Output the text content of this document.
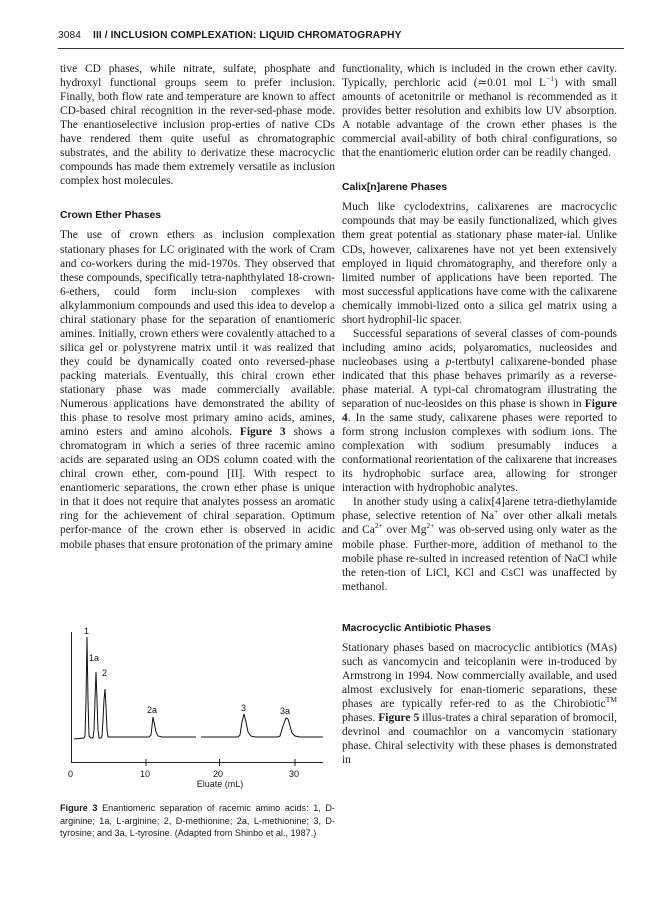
3084 III / INCLUSION COMPLEXATION: LIQUID CHROMATOGRAPHY

tive CD phases, while nitrate, sulfate, phosphate and hydroxyl functional groups seem to prefer inclusion. Finally, both flow rate and temperature are known to affect CD-based chiral recognition in the rever-sed-phase mode. The enantioselective inclusion prop-erties of native CDs have rendered them quite useful as chromatographic substrates, and the ability to derivatize these macrocyclic compounds has made them extremely versatile as inclusion complex host molecules.

Crown Ether Phases

The use of crown ethers as inclusion complexation stationary phases for LC originated with the work of Cram and co-workers during the mid-1970s. They observed that these compounds, specifically tetra-naphthylated 18-crown-6-ethers, could form inclu-sion complexes with alkylammonium compounds and used this idea to develop a chiral stationary phase for the separation of enantiomeric amines. Initially, crown ethers were covalently attached to a silica gel or polystyrene matrix until it was realized that they could be dynamically coated onto reversed-phase packing materials. Eventually, this chiral crown ether stationary phase was made commercially available. Numerous applications have demonstrated the ability of this phase to resolve most primary amino acids, amines, amino esters and amino alcohols. Figure 3 shows a chromatogram in which a series of three racemic amino acids are separated using an ODS column coated with the chiral crown ether, com-pound [II]. With respect to enantiomeric separations, the crown ether phase is unique in that it does not require that analytes possess an aromatic ring for the achievement of chiral separation. Optimum perfor-mance of the crown ether is observed in acidic mobile phases that ensure protonation of the primary amine

functionality, which is included in the crown ether cavity. Typically, perchloric acid (≃0.01 mol $L^{-1}$) with small amounts of acetonitrile or methanol is recommended as it provides better resolution and exhibits low UV absorption. A notable advantage of the crown ether phases is the commercial avail-ability of both chiral configurations, so that the enantiomeric elution order can be readily changed.

Calix[n]arene Phases

Much like cyclodextrins, calixarenes are macrocyclic compounds that may be easily functionalized, which gives them great potential as stationary phase mater-ial. Unlike CDs, however, calixarenes have not yet been extensively employed in liquid chromatography, and therefore only a limited number of applications have been reported. The most successful applications have come with the calixarene chemically immobi-lized onto a silica gel matrix using a short hydrophil-lic spacer.

Successful separations of several classes of com-pounds including amino acids, polyaromatics, nucleosides and nucleobases using a p-tertbutyl calixarene-bonded phase indicated that this phase behaves primarily as a reverse-phase material. A typi-cal chromatogram illustrating the separation of nuc-leosides on this phase is shown in Figure 4. In the same study, calixarene phases were reported to form strong inclusion complexes with sodium ions. The complexation with sodium presumably induces a conformational reorientation of the calixarene that increases its hydrophobic surface area, allowing for stronger interaction with hydrophobic analytes.

In another study using a calix[4]arene tetra-diethylamide phase, selective retention of Na+ over other alkali metals and $Ca^{2+}$ over $Mg^{2+}$ was ob-served using only water as the mobile phase. Further-more, addition of methanol to the mobile phase re-sulted in increased retention of NaCl while the reten-tion of LiCl, KCl and CsCl was unaffected by methanol.

Macrocyclic Antibiotic Phases

Stationary phases based on macrocyclic antibiotics (MAs) such as vancomycin and teicoplanin were in-troduced by Armstrong in 1994. Now commercially available, and used almost exclusively for enan-tiomeric separations, these phases are typically refer-red to as the Chirobiotic™ phases. Figure 5 illus-trates a chiral separation of bromocil, devrinol and coumachlor on a vancomycin stationary phase. Chiral selectivity with these phases is demonstrated in

1
1a
2
2a	3	3a
0	10	20	30
Eluate (mL)
Figure 3 Enantiomeric separation of racemic amino acids: 1, D-arginine; 1a, L-arginine; 2, D-methionine; 2a, L-methionine; 3, D-tyrosine; and 3a, L-tyrosine. (Adapted from Shinbo et al., 1987.)
